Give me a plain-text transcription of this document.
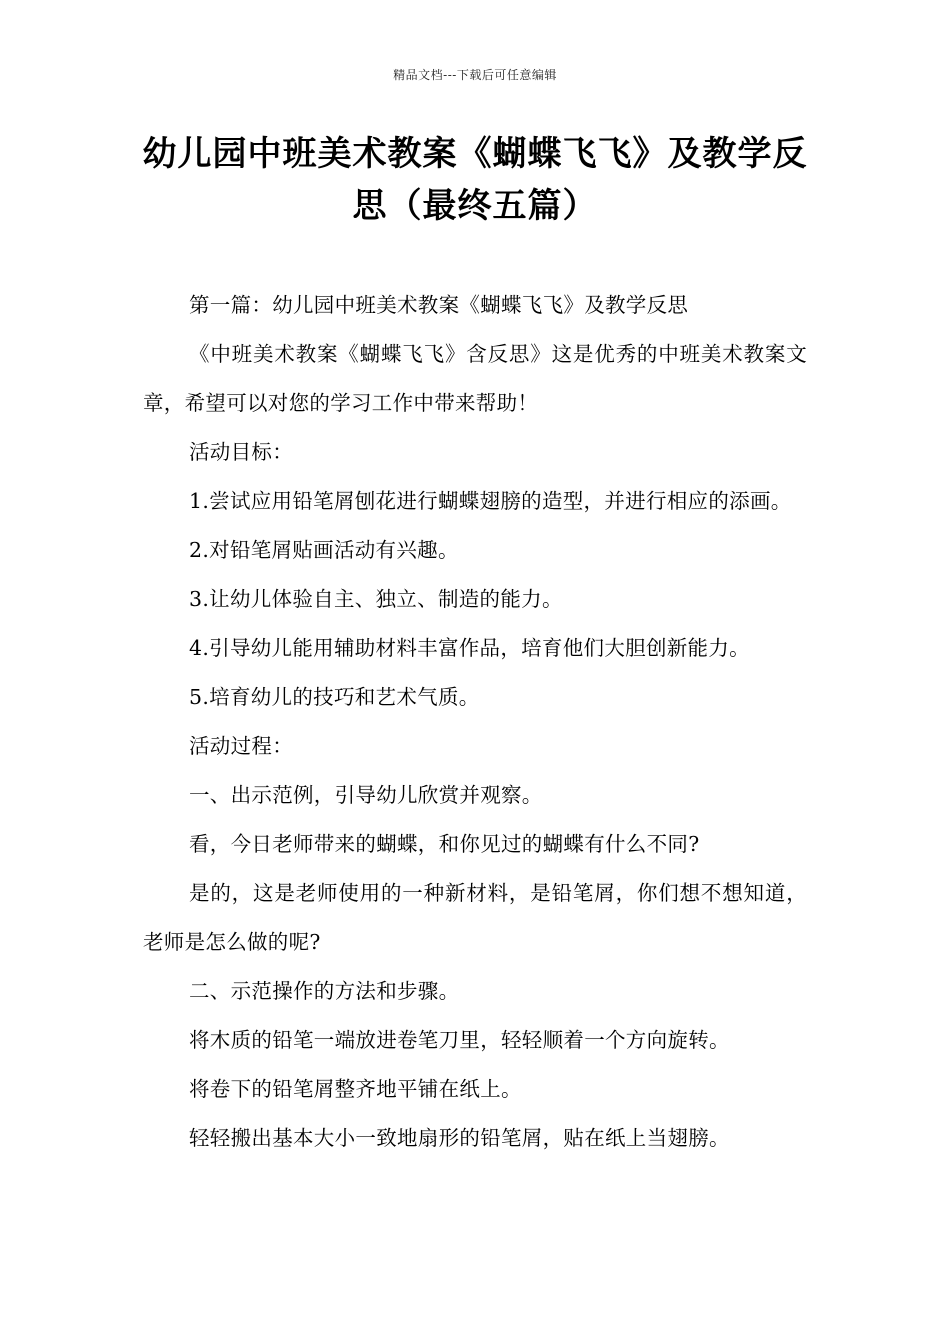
精品文档---下载后可任意编辑
幼儿园中班美术教案《蝴蝶飞飞》及教学反思（最终五篇）

第一篇：幼儿园中班美术教案《蝴蝶飞飞》及教学反思

《中班美术教案《蝴蝶飞飞》含反思》这是优秀的中班美术教案文章，希望可以对您的学习工作中带来帮助！

活动目标：

1.尝试应用铅笔屑刨花进行蝴蝶翅膀的造型，并进行相应的添画。

2.对铅笔屑贴画活动有兴趣。

3.让幼儿体验自主、独立、制造的能力。

4.引导幼儿能用辅助材料丰富作品，培育他们大胆创新能力。

5.培育幼儿的技巧和艺术气质。

活动过程：

一、出示范例，引导幼儿欣赏并观察。

看，今日老师带来的蝴蝶，和你见过的蝴蝶有什么不同?

是的，这是老师使用的一种新材料，是铅笔屑，你们想不想知道，老师是怎么做的呢?

二、示范操作的方法和步骤。

将木质的铅笔一端放进卷笔刀里，轻轻顺着一个方向旋转。

将卷下的铅笔屑整齐地平铺在纸上。

轻轻搬出基本大小一致地扇形的铅笔屑，贴在纸上当翅膀。
